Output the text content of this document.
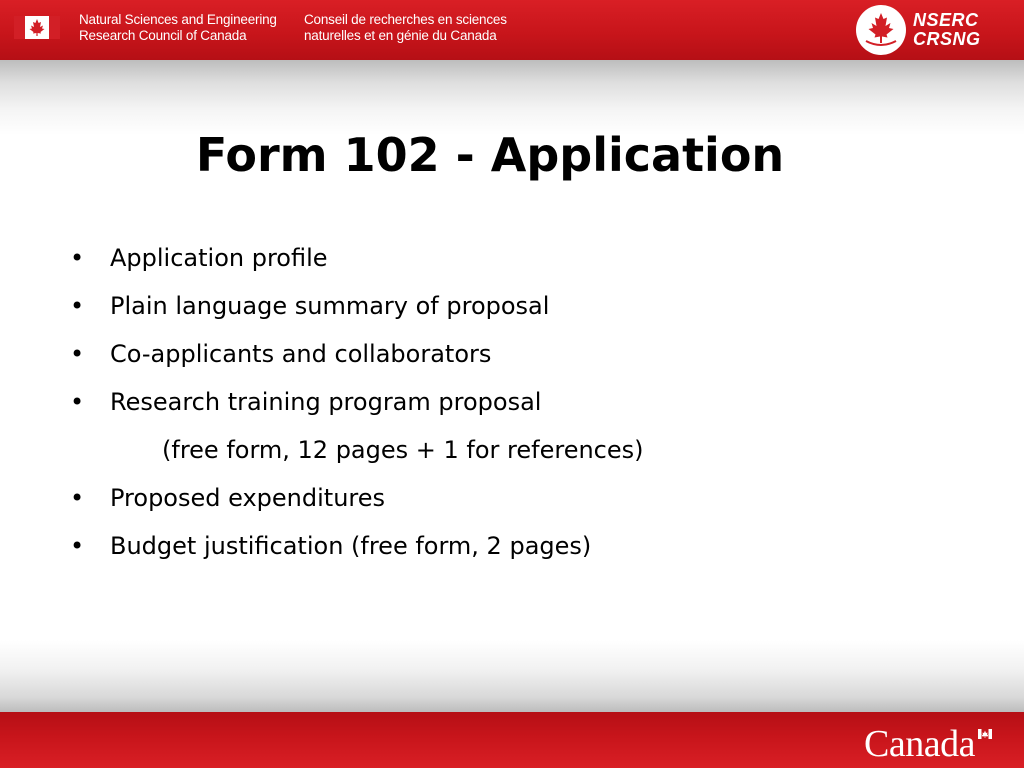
Natural Sciences and Engineering
Research Council of Canada
Conseil de recherches en sciences
naturelles et en génie du Canada
NSERC
CRSNG
Form 102 - Application
• Application profile
• Plain language summary of proposal
• Co-applicants and collaborators
• Research training program proposal
(free form, 12 pages + 1 for references)
• Proposed expenditures
• Budget justification (free form, 2 pages)
Canada
